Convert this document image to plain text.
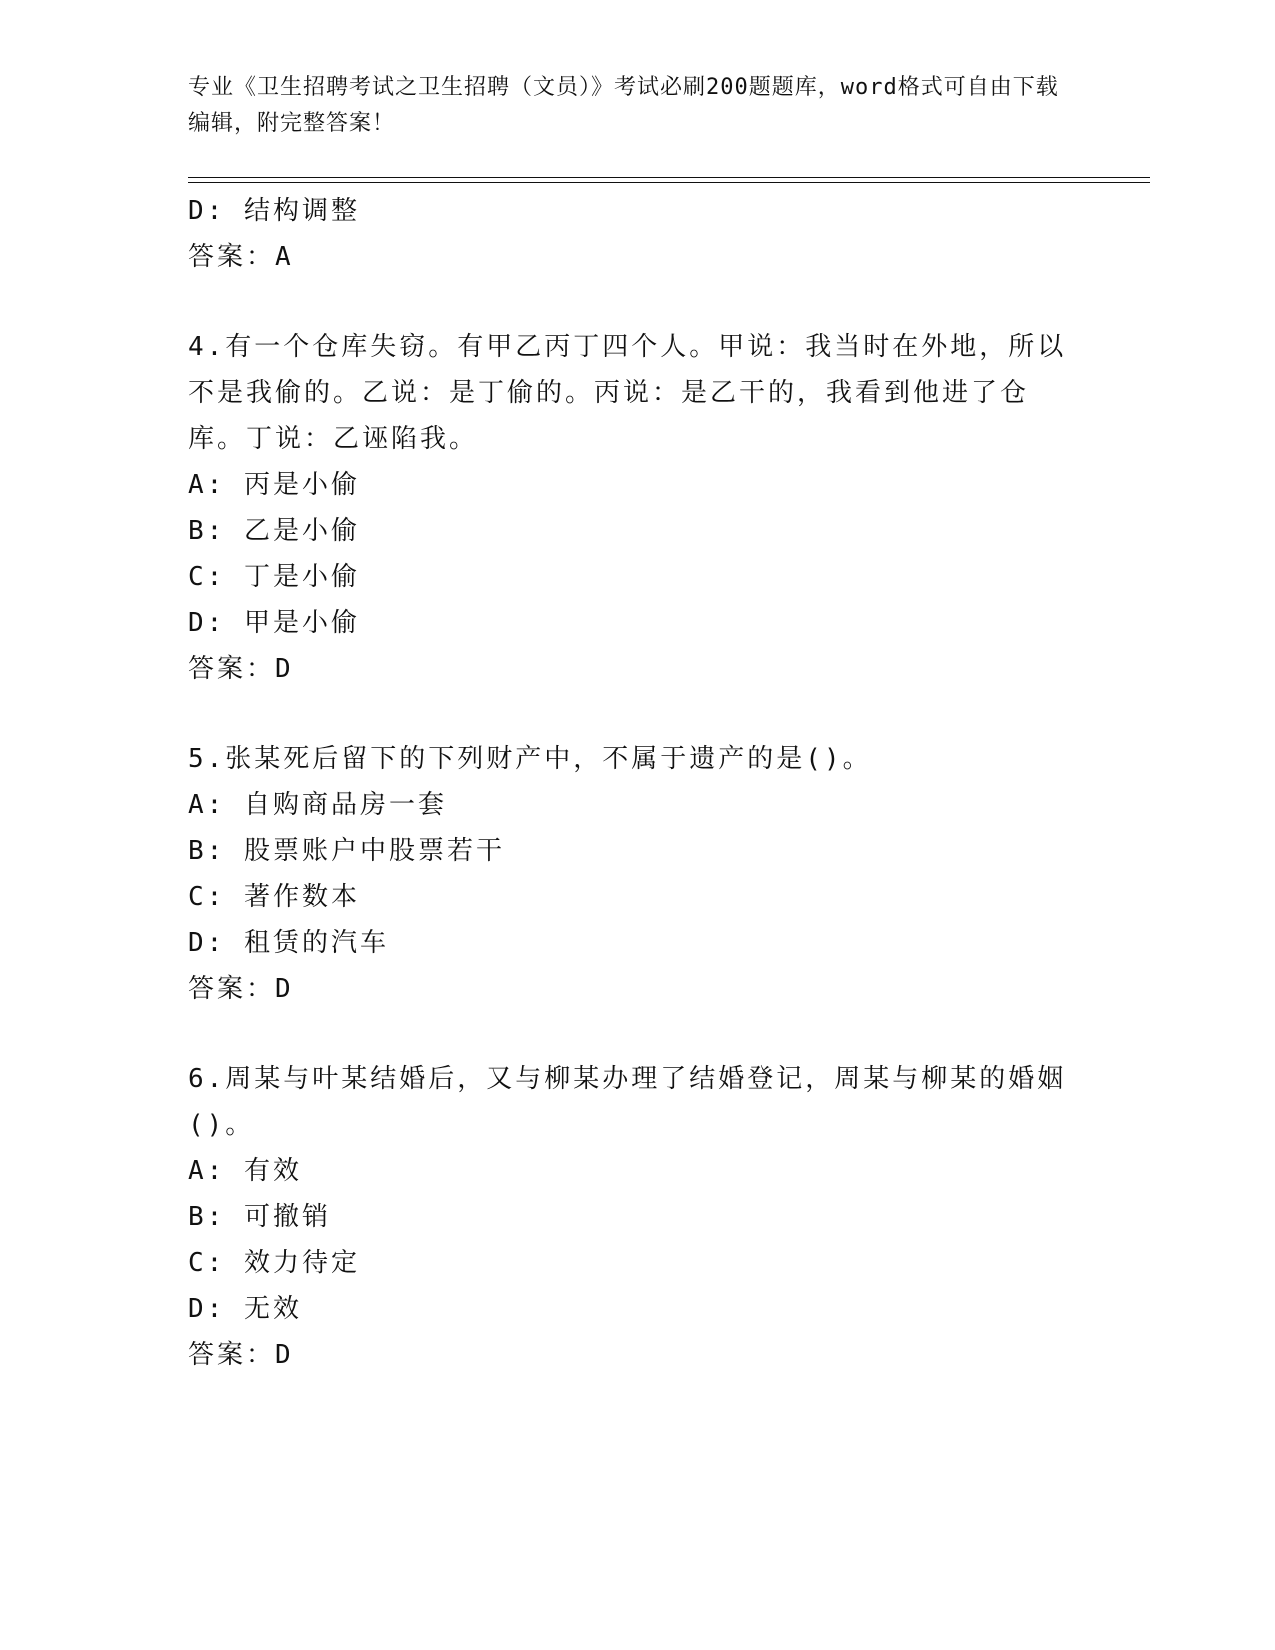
专业《卫生招聘考试之卫生招聘（文员）》考试必刷200题题库，word格式可自由下载编辑，附完整答案！
D: 结构调整
答案：A
4.有一个仓库失窃。有甲乙丙丁四个人。甲说：我当时在外地，所以不是我偷的。乙说：是丁偷的。丙说：是乙干的，我看到他进了仓库。丁说：乙诬陷我。
A: 丙是小偷
B: 乙是小偷
C: 丁是小偷
D: 甲是小偷
答案：D
5.张某死后留下的下列财产中，不属于遗产的是()。
A: 自购商品房一套
B: 股票账户中股票若干
C: 著作数本
D: 租赁的汽车
答案：D
6.周某与叶某结婚后，又与柳某办理了结婚登记，周某与柳某的婚姻()。
A: 有效
B: 可撤销
C: 效力待定
D: 无效
答案：D
